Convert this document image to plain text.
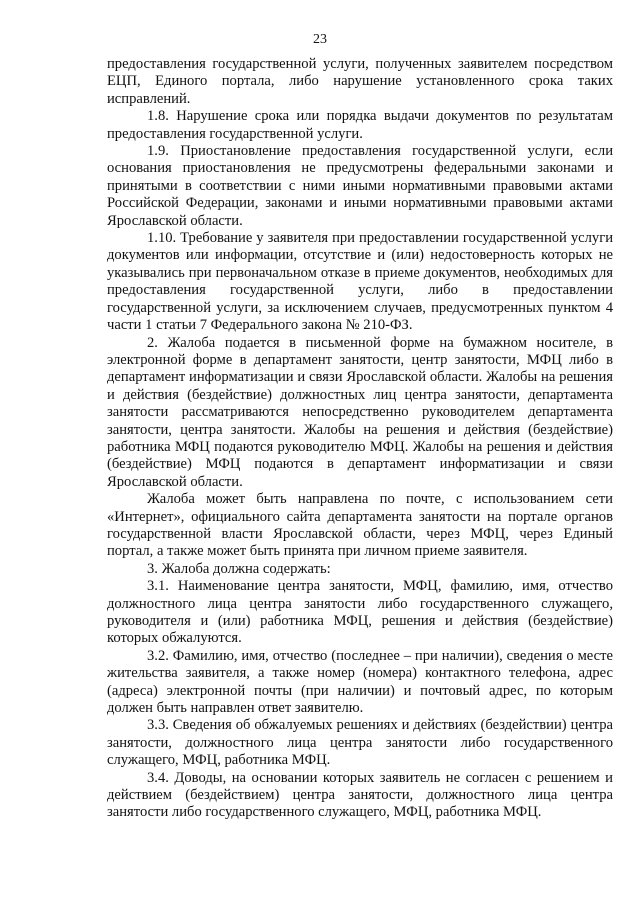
23

предоставления государственной услуги, полученных заявителем посредством ЕЦП, Единого портала, либо нарушение установленного срока таких исправлений.

1.8. Нарушение срока или порядка выдачи документов по результатам предоставления государственной услуги.

1.9. Приостановление предоставления государственной услуги, если основания приостановления не предусмотрены федеральными законами и принятыми в соответствии с ними иными нормативными правовыми актами Российской Федерации, законами и иными нормативными правовыми актами Ярославской области.

1.10. Требование у заявителя при предоставлении государственной услуги документов или информации, отсутствие и (или) недостоверность которых не указывались при первоначальном отказе в приеме документов, необходимых для предоставления государственной услуги, либо в предоставлении государственной услуги, за исключением случаев, предусмотренных пунктом 4 части 1 статьи 7 Федерального закона № 210-ФЗ.

2. Жалоба подается в письменной форме на бумажном носителе, в электронной форме в департамент занятости, центр занятости, МФЦ либо в департамент информатизации и связи Ярославской области. Жалобы на решения и действия (бездействие) должностных лиц центра занятости, департамента занятости рассматриваются непосредственно руководителем департамента занятости, центра занятости. Жалобы на решения и действия (бездействие) работника МФЦ подаются руководителю МФЦ. Жалобы на решения и действия (бездействие) МФЦ подаются в департамент информатизации и связи Ярославской области.

Жалоба может быть направлена по почте, с использованием сети «Интернет», официального сайта департамента занятости на портале органов государственной власти Ярославской области, через МФЦ, через Единый портал, а также может быть принята при личном приеме заявителя.

3. Жалоба должна содержать:

3.1. Наименование центра занятости, МФЦ, фамилию, имя, отчество должностного лица центра занятости либо государственного служащего, руководителя и (или) работника МФЦ, решения и действия (бездействие) которых обжалуются.

3.2. Фамилию, имя, отчество (последнее – при наличии), сведения о месте жительства заявителя, а также номер (номера) контактного телефона, адрес (адреса) электронной почты (при наличии) и почтовый адрес, по которым должен быть направлен ответ заявителю.

3.3. Сведения об обжалуемых решениях и действиях (бездействии) центра занятости, должностного лица центра занятости либо государственного служащего, МФЦ, работника МФЦ.

3.4. Доводы, на основании которых заявитель не согласен с решением и действием (бездействием) центра занятости, должностного лица центра занятости либо государственного служащего, МФЦ, работника МФЦ.
